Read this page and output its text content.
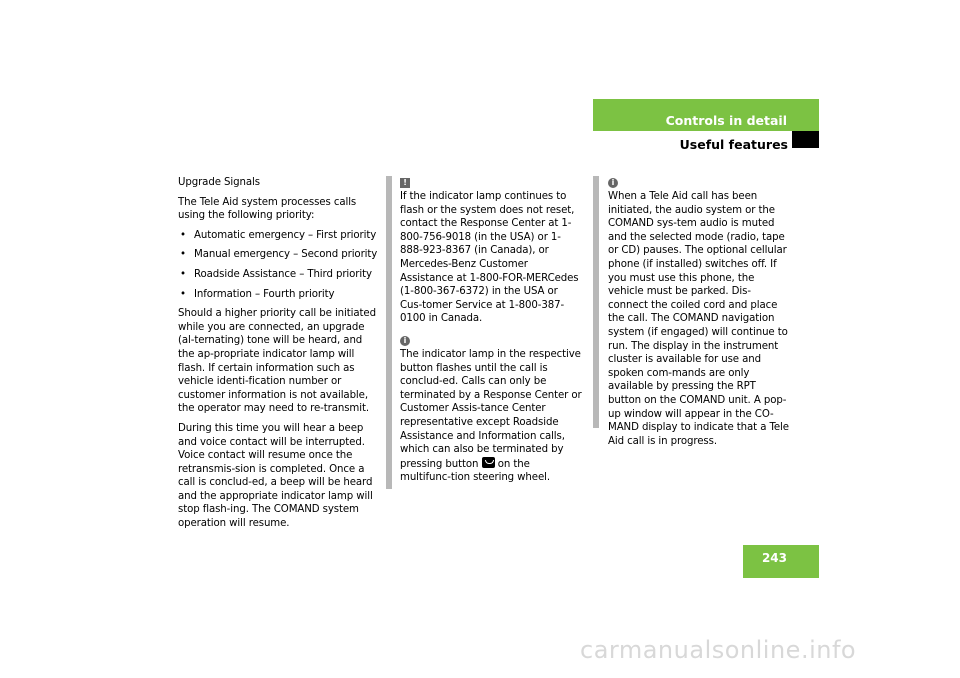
Controls in detail
Useful features

Upgrade Signals

The Tele Aid system processes calls using the following priority:

• Automatic emergency – First priority
• Manual emergency – Second priority
• Roadside Assistance – Third priority
• Information – Fourth priority

Should a higher priority call be initiated while you are connected, an upgrade (al-ternating) tone will be heard, and the ap-propriate indicator lamp will flash. If certain information such as vehicle identi-fication number or customer information is not available, the operator may need to re-transmit.

During this time you will hear a beep and voice contact will be interrupted. Voice contact will resume once the retransmis-sion is completed. Once a call is conclud-ed, a beep will be heard and the appropriate indicator lamp will stop flash-ing. The COMAND system operation will resume.

!

If the indicator lamp continues to flash or the system does not reset, contact the Response Center at 1-800-756-9018 (in the USA) or 1-888-923-8367 (in Canada), or Mercedes-Benz Customer Assistance at 1-800-FOR-MERCedes (1-800-367-6372) in the USA or Cus-tomer Service at 1-800-387-0100 in Canada.

i

The indicator lamp in the respective button flashes until the call is conclud-ed. Calls can only be terminated by a Response Center or Customer Assis-tance Center representative except Roadside Assistance and Information calls, which can also be terminated by pressing button on the multifunc-tion steering wheel.

i

When a Tele Aid call has been initiated, the audio system or the COMAND sys-tem audio is muted and the selected mode (radio, tape or CD) pauses. The optional cellular phone (if installed) switches off. If you must use this phone, the vehicle must be parked. Dis-connect the coiled cord and place the call. The COMAND navigation system (if engaged) will continue to run. The display in the instrument cluster is available for use and spoken com-mands are only available by pressing the RPT button on the COMAND unit. A pop-up window will appear in the CO-MAND display to indicate that a Tele Aid call is in progress.

243
carmanualsonline.info
